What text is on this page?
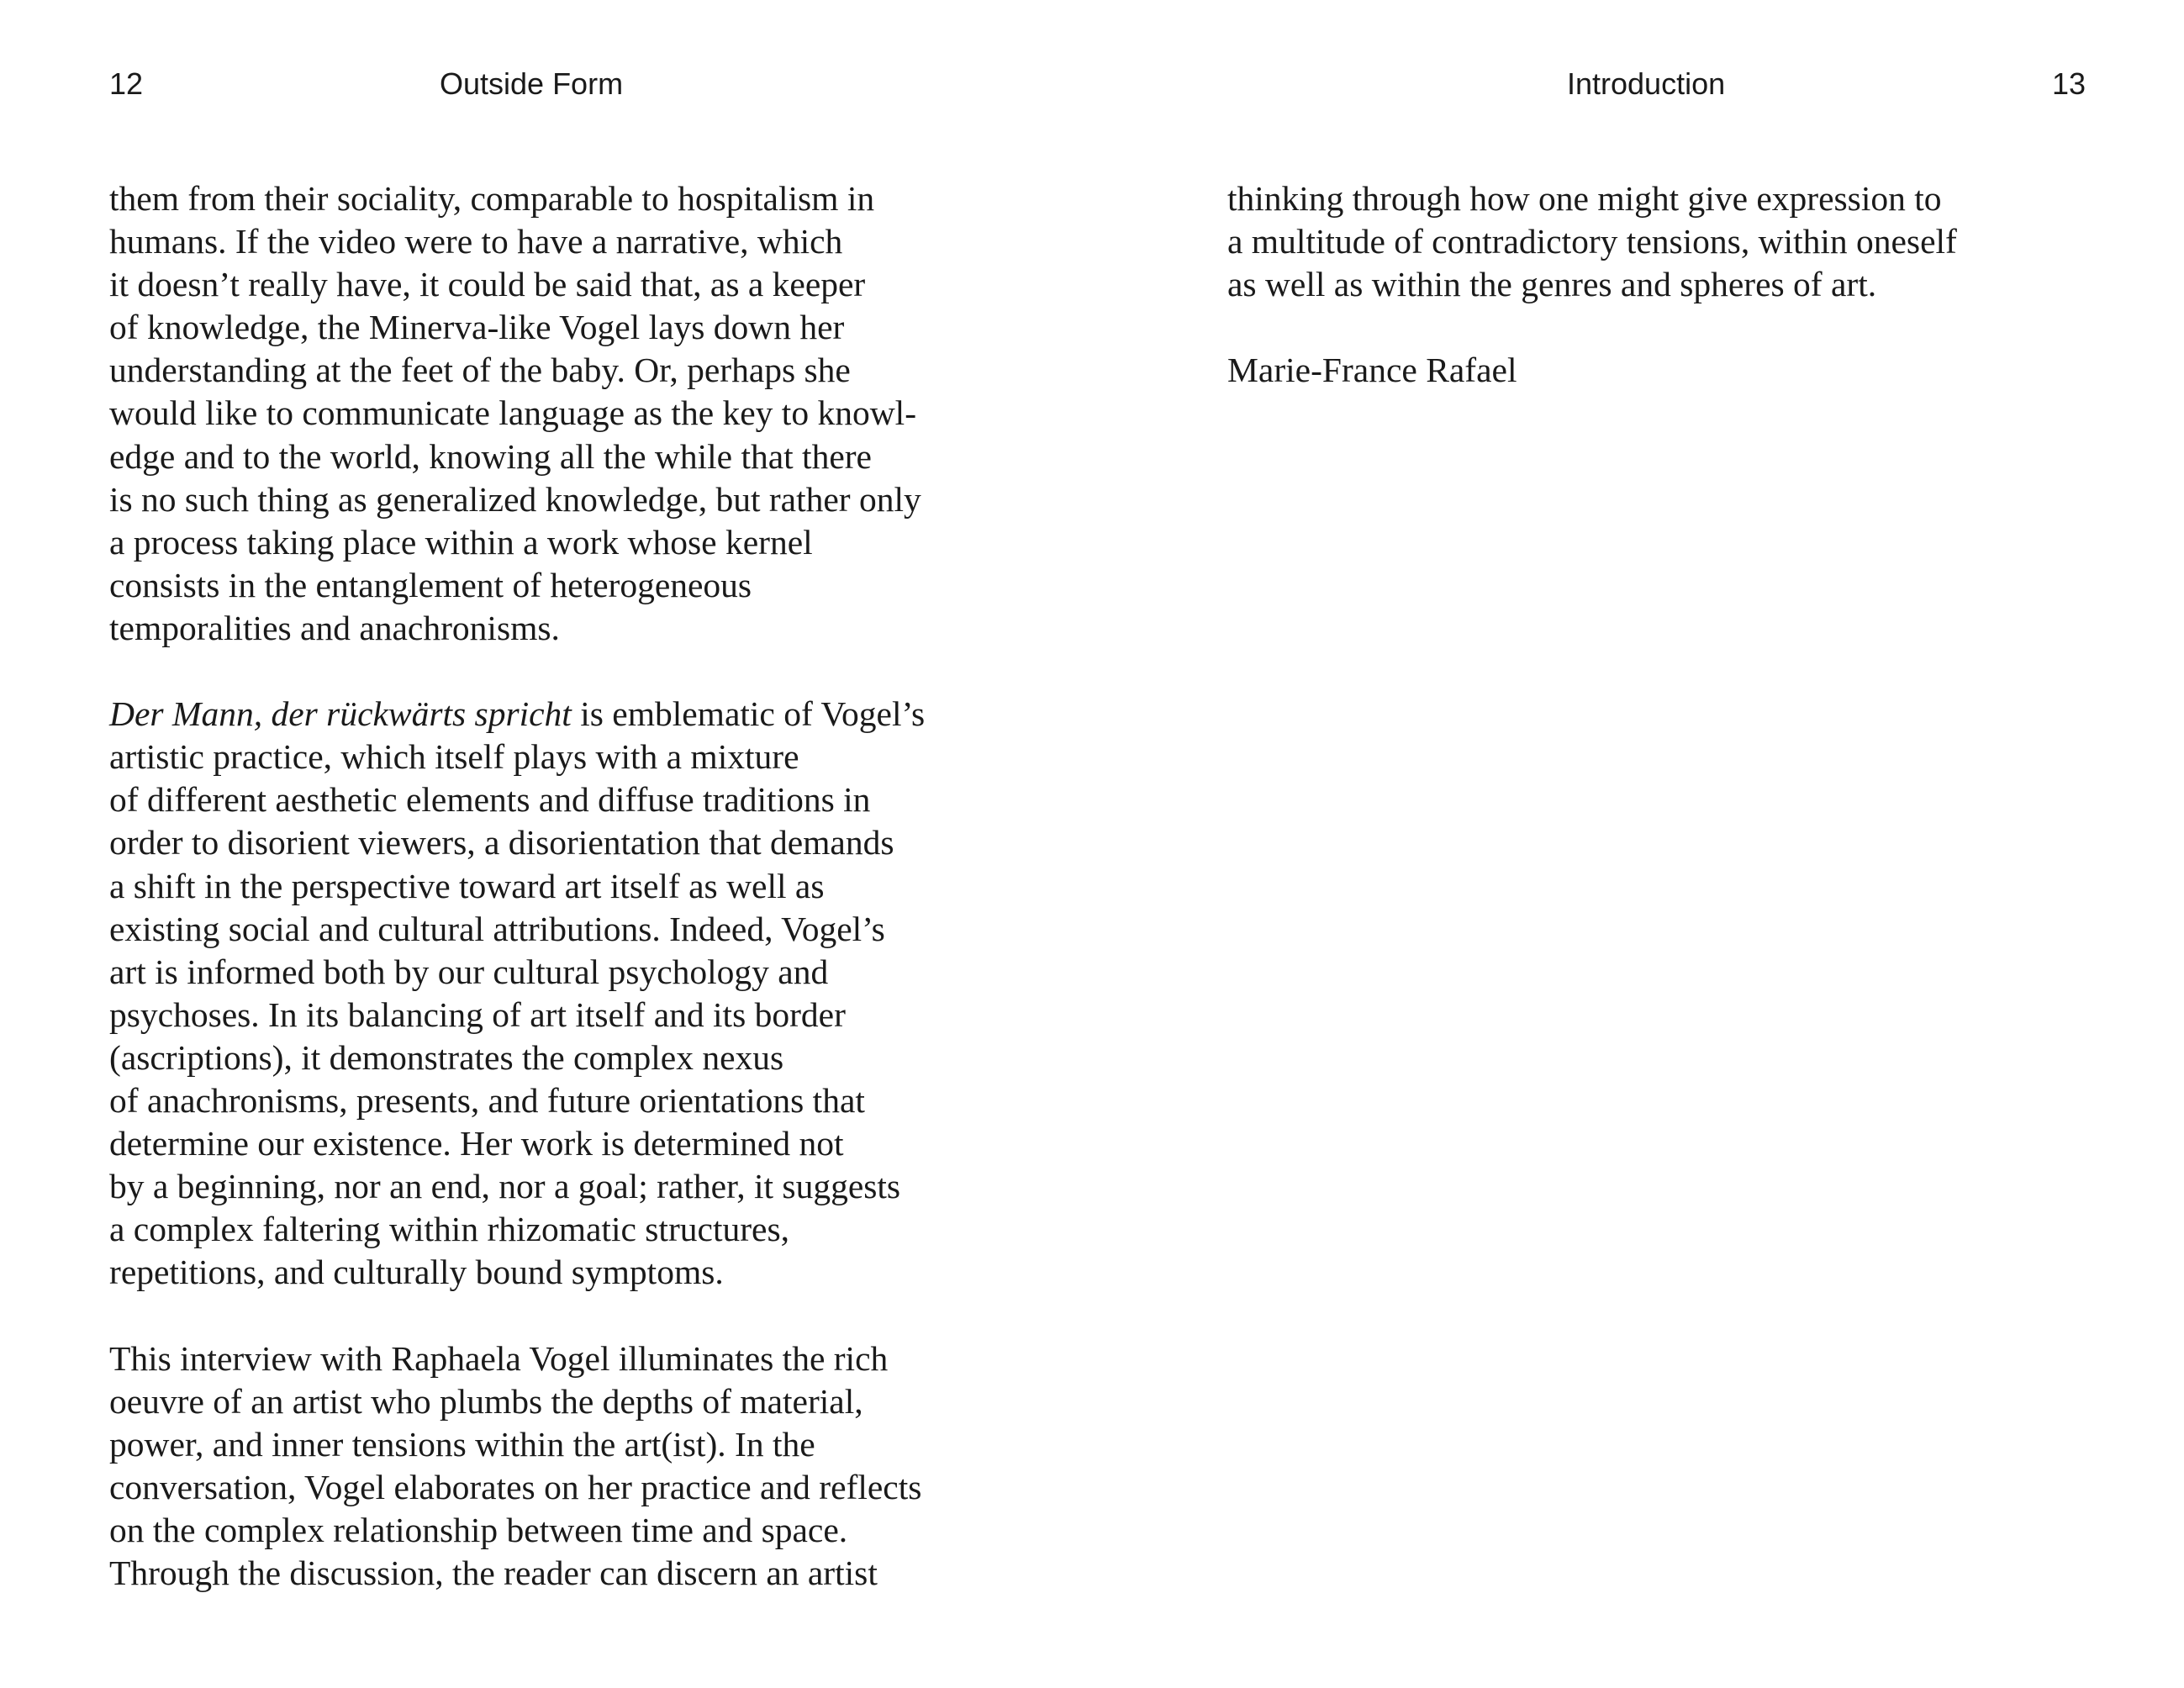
12	Outside Form

them from their sociality, comparable to hospitalism in
humans. If the video were to have a narrative, which
it doesn’t really have, it could be said that, as a keeper
of knowledge, the Minerva-like Vogel lays down her
understanding at the feet of the baby. Or, perhaps she
would like to communicate language as the key to knowl-
edge and to the world, knowing all the while that there
is no such thing as generalized knowledge, but rather only
a process taking place within a work whose kernel
consists in the entanglement of heterogeneous
temporalities and anachronisms.

Der Mann, der rückwärts spricht is emblematic of Vogel’s
artistic practice, which itself plays with a mixture
of different aesthetic elements and diffuse traditions in
order to disorient viewers, a disorientation that demands
a shift in the perspective toward art itself as well as
existing social and cultural attributions. Indeed, Vogel’s
art is informed both by our cultural psychology and
psychoses. In its balancing of art itself and its border
(ascriptions), it demonstrates the complex nexus
of anachronisms, presents, and future orientations that
determine our existence. Her work is determined not
by a beginning, nor an end, nor a goal; rather, it suggests
a complex faltering within rhizomatic structures,
repetitions, and culturally bound symptoms.

This interview with Raphaela Vogel illuminates the rich
oeuvre of an artist who plumbs the depths of material,
power, and inner tensions within the art(ist). In the
conversation, Vogel elaborates on her practice and reflects
on the complex relationship between time and space.
Through the discussion, the reader can discern an artist

Introduction	13

thinking through how one might give expression to
a multitude of contradictory tensions, within oneself
as well as within the genres and spheres of art.

Marie-France Rafael
